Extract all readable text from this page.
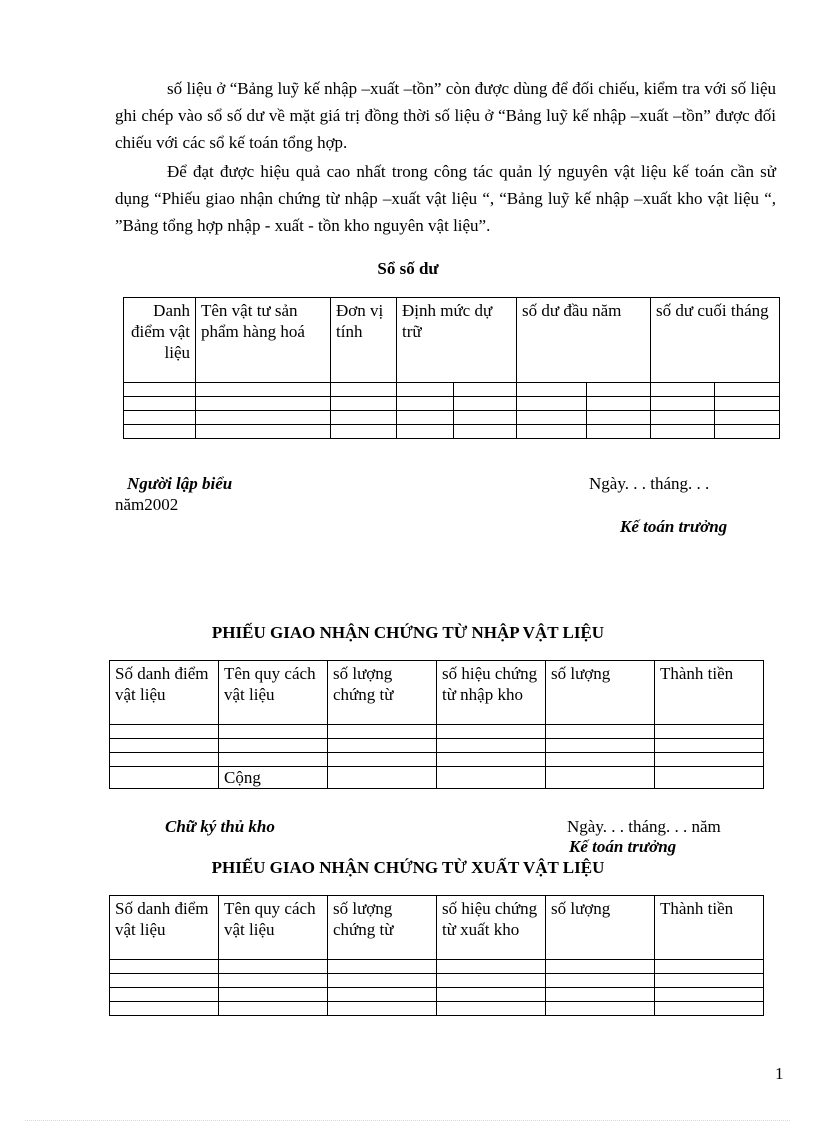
số liệu ở “Bảng luỹ kế nhập –xuất –tồn” còn được dùng để đối chiếu, kiểm tra với số liệu ghi chép vào sổ số dư về mặt giá trị đồng thời số liệu ở “Bảng luỹ kế nhập –xuất –tồn” được đối chiếu với các sổ kế toán tổng hợp.

Để đạt được hiệu quả cao nhất trong công tác quản lý nguyên vật liệu kế toán cần sử dụng “Phiếu giao nhận chứng từ nhập –xuất vật liệu “, “Bảng luỹ kế nhập –xuất kho vật liệu “, ”Bảng tổng hợp nhập - xuất - tồn kho nguyên vật liệu”.

Sổ số dư

Danh điểm vật liệu	Tên vật tư sản phẩm hàng hoá	Đơn vị tính	Định mức dự trữ		số dư đầu năm		số dư cuối tháng	

Người lập biểu	Ngày. . . tháng. . .
năm2002
Kế toán trưởng

PHIẾU GIAO NHẬN CHỨNG TỪ NHẬP VẬT LIỆU

Số danh điểm vật liệu	Tên quy cách vật liệu	số lượng chứng từ	số hiệu chứng từ nhập kho	số lượng	Thành tiền

	Cộng				
Chữ ký thủ kho	Ngày. . . tháng. . . năm
Kế toán trưởng

PHIẾU GIAO NHẬN CHỨNG TỪ XUẤT VẬT LIỆU

Số danh điểm vật liệu	Tên quy cách vật liệu	số lượng chứng từ	số hiệu chứng từ xuất kho	số lượng	Thành tiền

1
